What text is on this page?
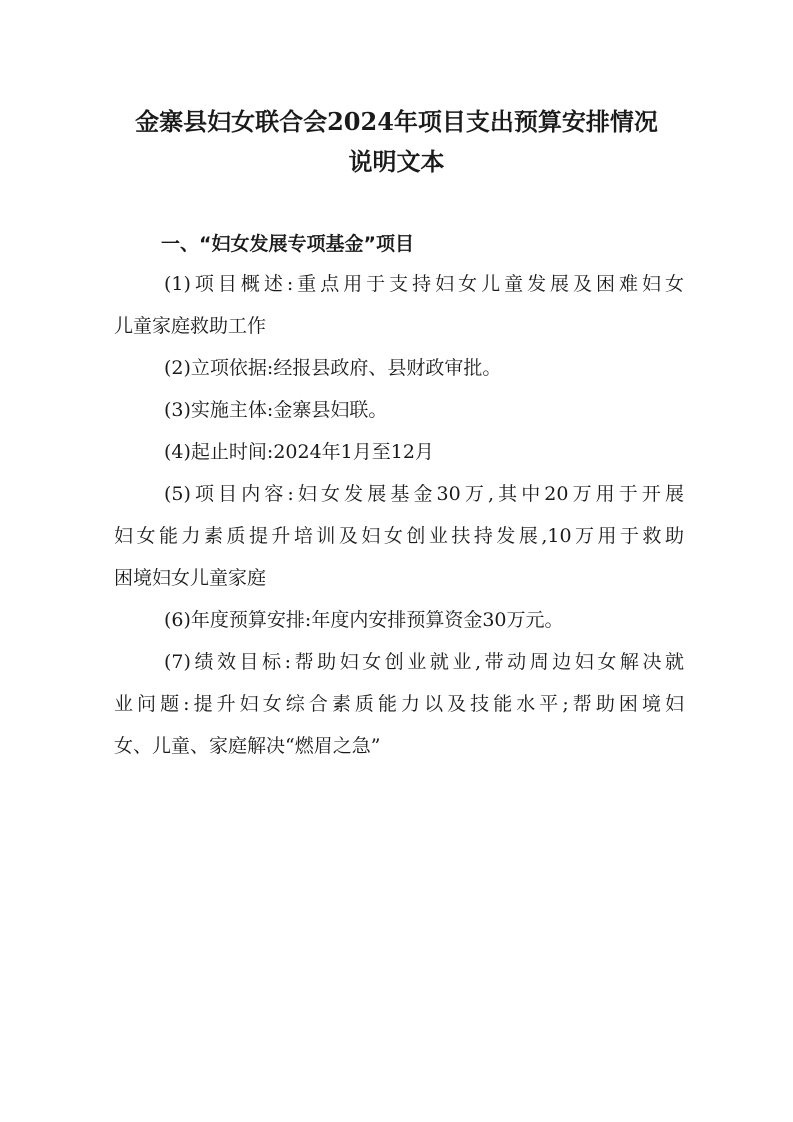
金寨县妇女联合会2024年项目支出预算安排情况
说明文本
一、“妇女发展专项基金”项目
(1)项目概述:重点用于支持妇女儿童发展及困难妇女
儿童家庭救助工作
(2)立项依据:经报县政府、县财政审批。
(3)实施主体:金寨县妇联。
(4)起止时间:2024年1月至12月
(5)项目内容:妇女发展基金30万,其中20万用于开展
妇女能力素质提升培训及妇女创业扶持发展,10万用于救助
困境妇女儿童家庭
(6)年度预算安排:年度内安排预算资金30万元。
(7)绩效目标:帮助妇女创业就业,带动周边妇女解决就
业问题:提升妇女综合素质能力以及技能水平;帮助困境妇
女、儿童、家庭解决“燃眉之急”
